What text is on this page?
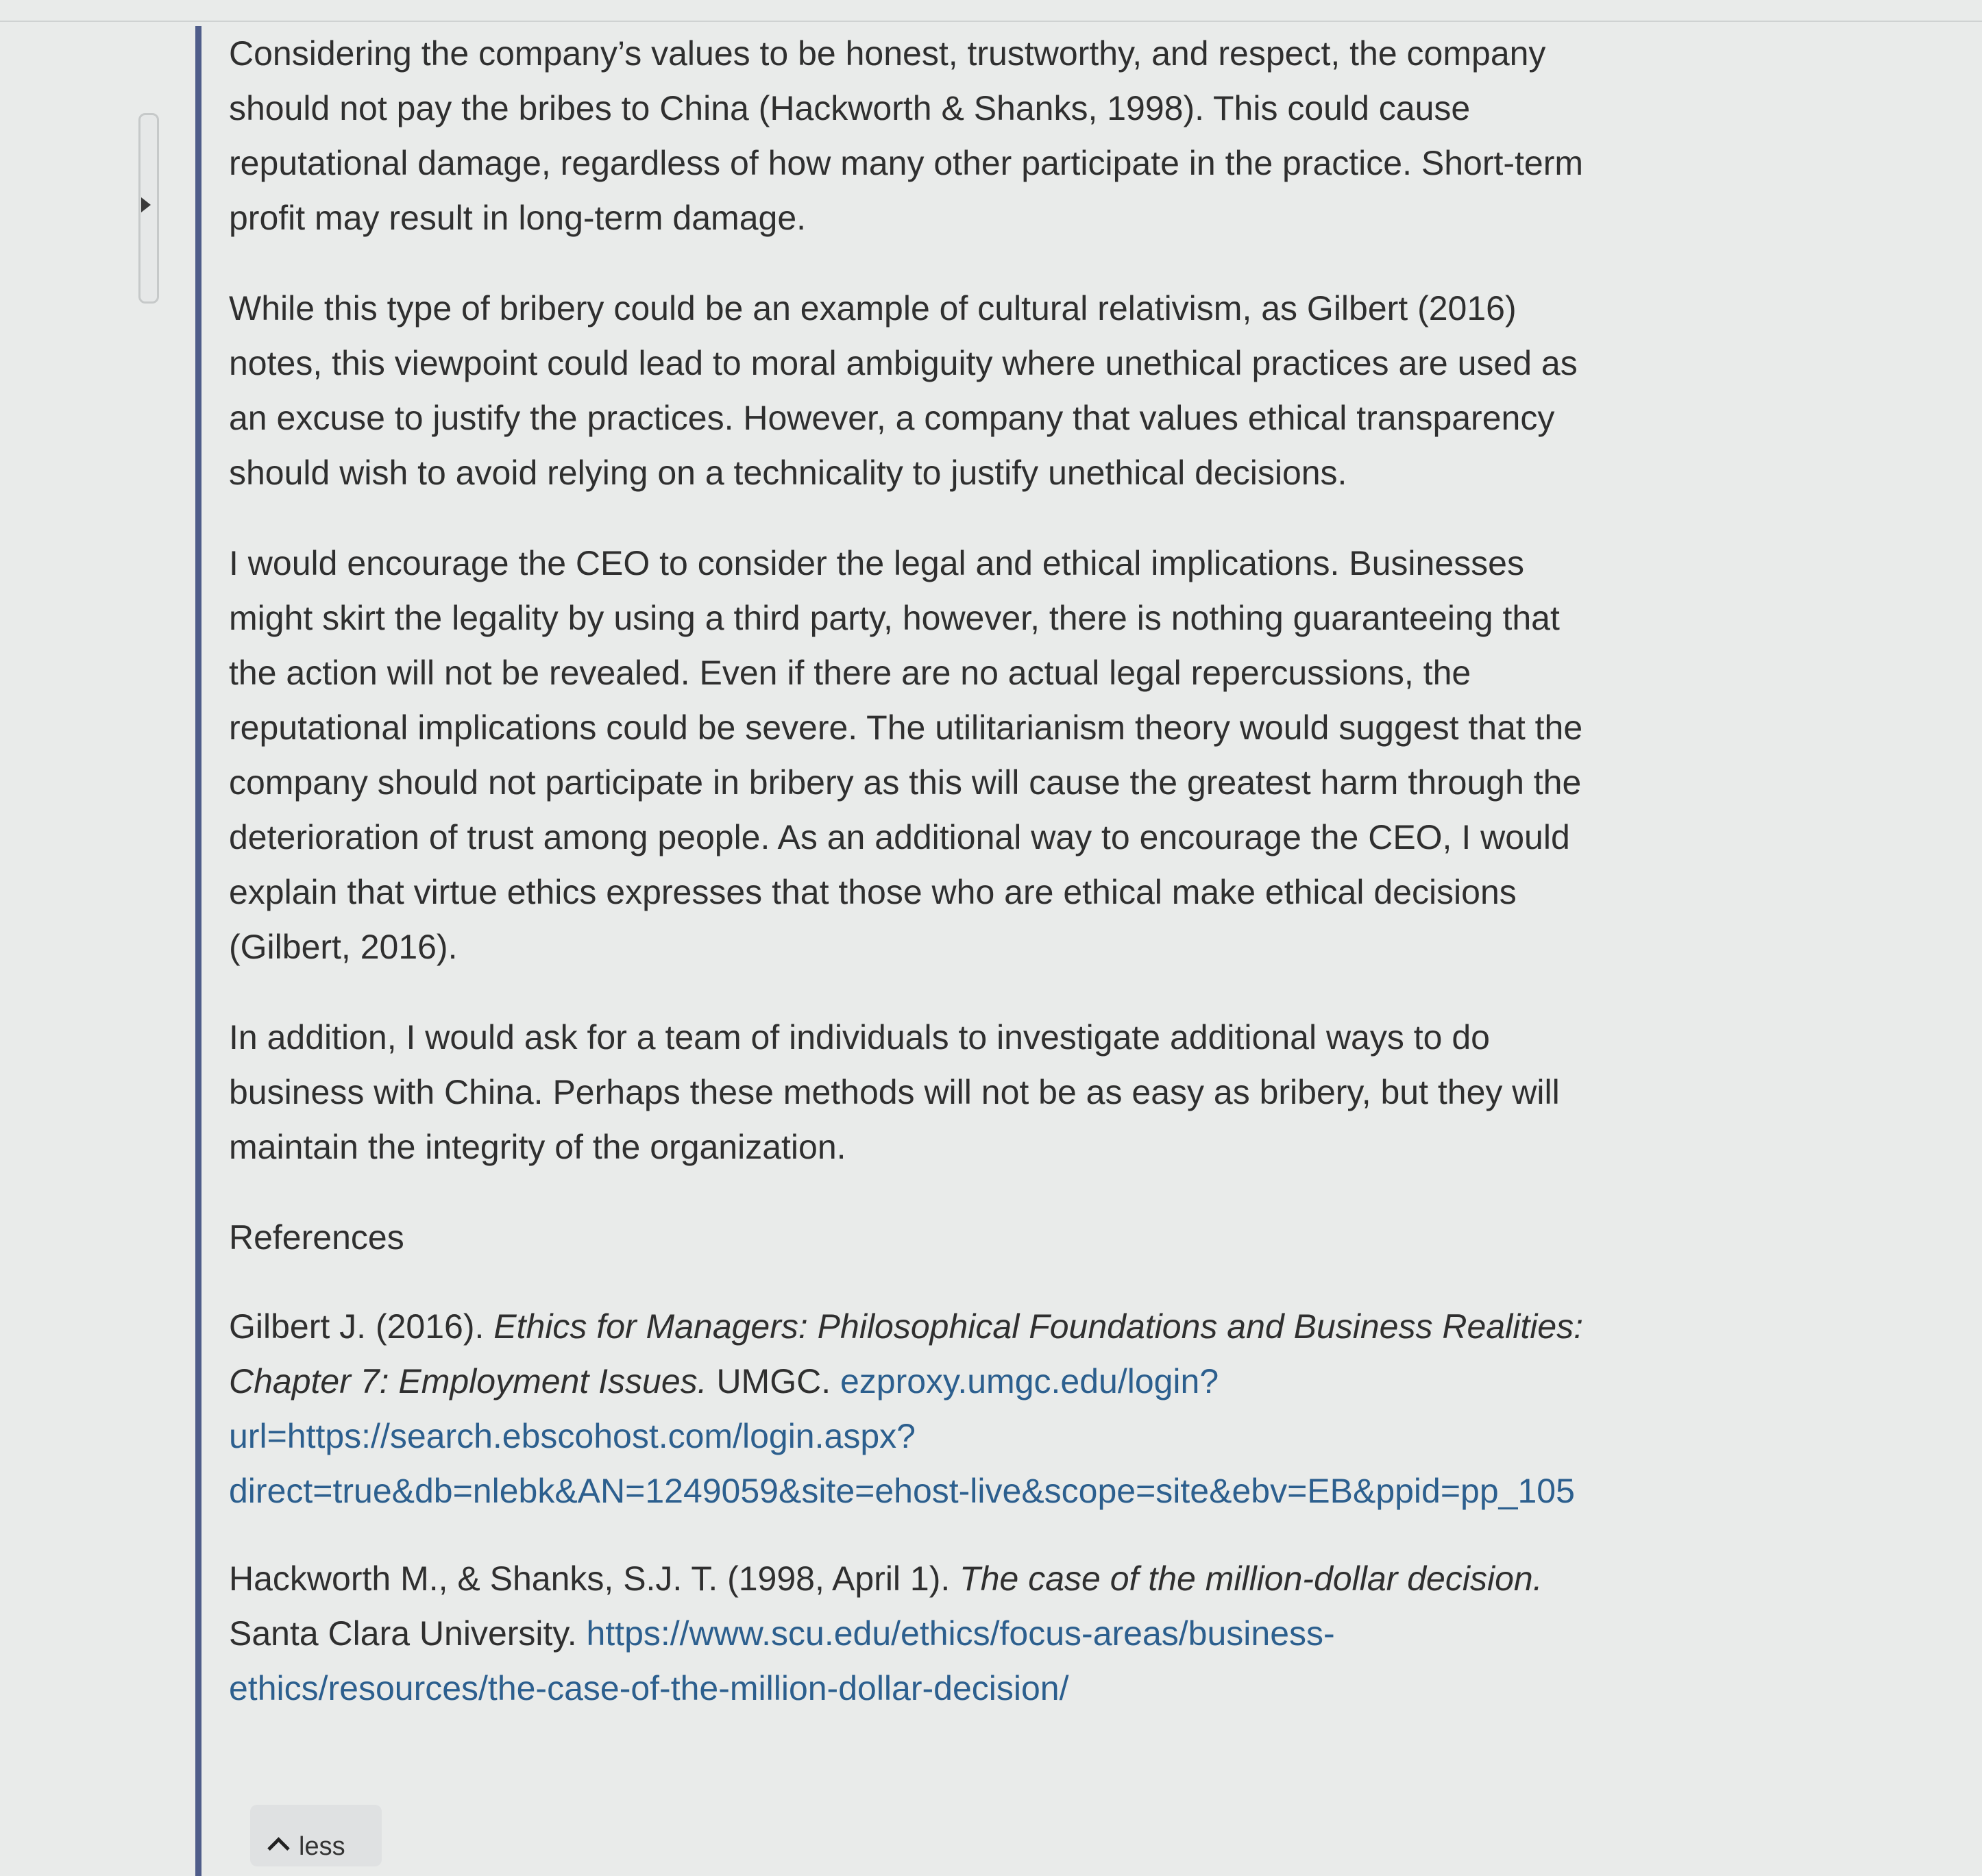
Considering the company’s values to be honest, trustworthy, and respect, the company should not pay the bribes to China (Hackworth & Shanks, 1998). This could cause reputational damage, regardless of how many other participate in the practice. Short-term profit may result in long-term damage.

While this type of bribery could be an example of cultural relativism, as Gilbert (2016) notes, this viewpoint could lead to moral ambiguity where unethical practices are used as an excuse to justify the practices. However, a company that values ethical transparency should wish to avoid relying on a technicality to justify unethical decisions.

I would encourage the CEO to consider the legal and ethical implications. Businesses might skirt the legality by using a third party, however, there is nothing guaranteeing that the action will not be revealed. Even if there are no actual legal repercussions, the reputational implications could be severe. The utilitarianism theory would suggest that the company should not participate in bribery as this will cause the greatest harm through the deterioration of trust among people. As an additional way to encourage the CEO, I would explain that virtue ethics expresses that those who are ethical make ethical decisions (Gilbert, 2016).

In addition, I would ask for a team of individuals to investigate additional ways to do business with China. Perhaps these methods will not be as easy as bribery, but they will maintain the integrity of the organization.

References

Gilbert J. (2016). Ethics for Managers: Philosophical Foundations and Business Realities: Chapter 7: Employment Issues. UMGC. ezproxy.umgc.edu/login?url=https://search.ebscohost.com/login.aspx?direct=true&db=nlebk&AN=1249059&site=ehost-live&scope=site&ebv=EB&ppid=pp_105

Hackworth M., & Shanks, S.J. T. (1998, April 1). The case of the million-dollar decision. Santa Clara University. https://www.scu.edu/ethics/focus-areas/business-ethics/resources/the-case-of-the-million-dollar-decision/

less
